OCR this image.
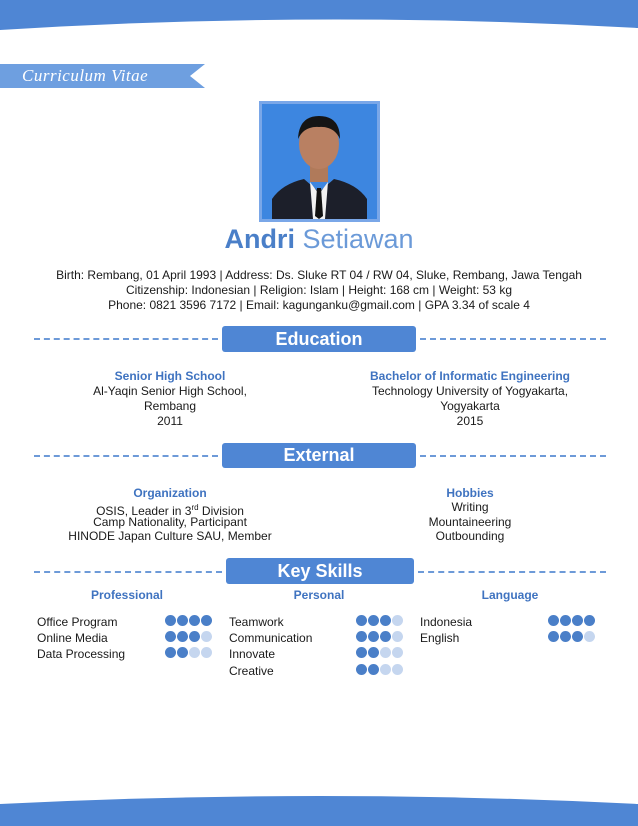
Curriculum Vitae
Andri Setiawan
Birth: Rembang, 01 April 1993 | Address: Ds. Sluke RT 04 / RW 04, Sluke, Rembang, Jawa Tengah
Citizenship: Indonesian | Religion: Islam | Height: 168 cm | Weight: 53 kg
Phone: 0821 3596 7172 | Email: kagunganku@gmail.com | GPA 3.34 of scale 4
Education
Senior High School
Al-Yaqin Senior High School,
Rembang
2011
Bachelor of Informatic Engineering
Technology University of Yogyakarta,
Yogyakarta
2015
External
Organization
OSIS, Leader in 3rd Division
Camp Nationality, Participant
HINODE Japan Culture SAU, Member
Hobbies
Writing
Mountaineering
Outbounding
Key Skills
Professional	Personal	Language
Office Program
Online Media
Data Processing
Teamwork
Communication
Innovate
Creative
Indonesia
English
